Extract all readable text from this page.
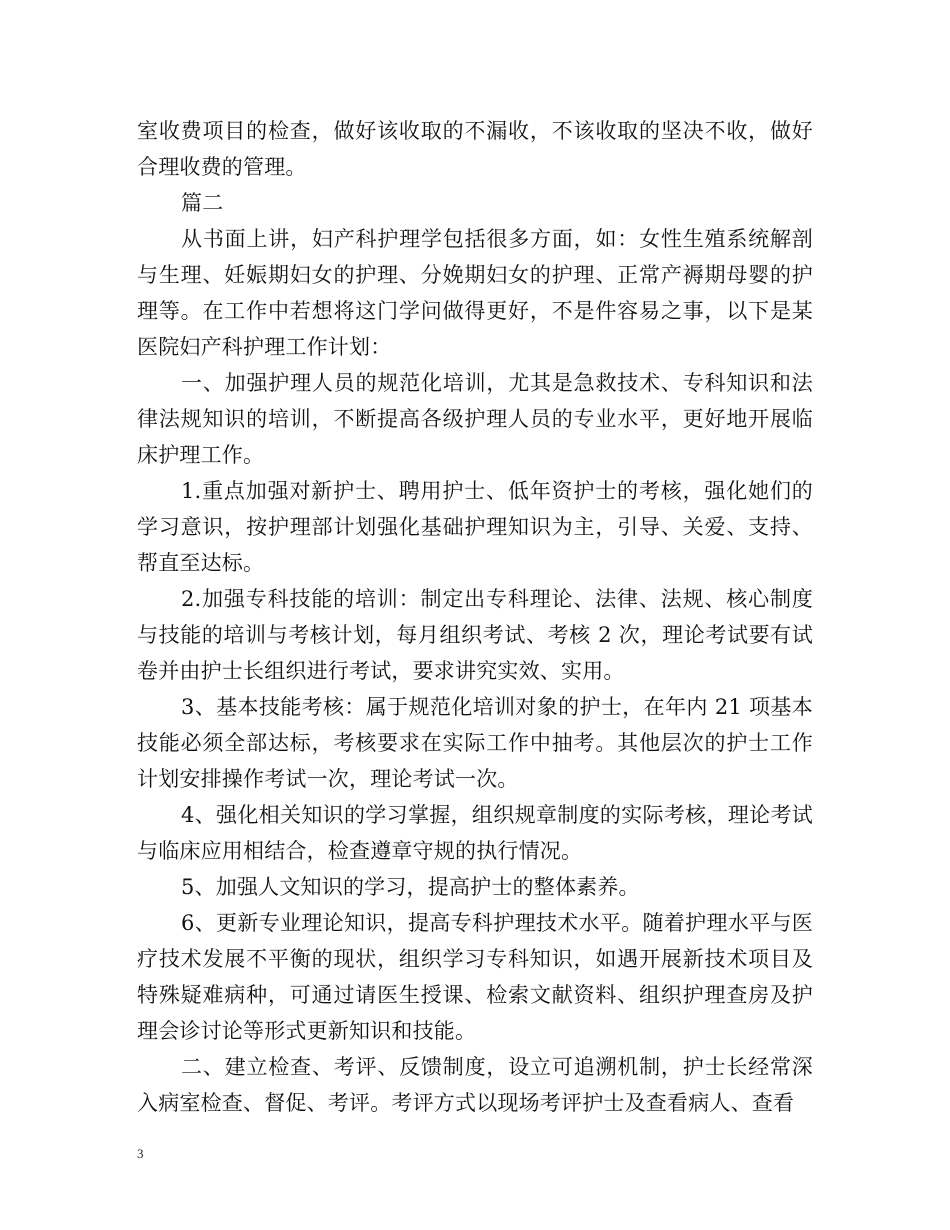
室收费项目的检查，做好该收取的不漏收，不该收取的坚决不收，做好合理收费的管理。

篇二

从书面上讲，妇产科护理学包括很多方面，如：女性生殖系统解剖与生理、妊娠期妇女的护理、分娩期妇女的护理、正常产褥期母婴的护理等。在工作中若想将这门学问做得更好，不是件容易之事，以下是某医院妇产科护理工作计划：

一、加强护理人员的规范化培训，尤其是急救技术、专科知识和法律法规知识的培训，不断提高各级护理人员的专业水平，更好地开展临床护理工作。

1.重点加强对新护士、聘用护士、低年资护士的考核，强化她们的学习意识，按护理部计划强化基础护理知识为主，引导、关爱、支持、帮直至达标。

2.加强专科技能的培训：制定出专科理论、法律、法规、核心制度与技能的培训与考核计划，每月组织考试、考核 2 次，理论考试要有试卷并由护士长组织进行考试，要求讲究实效、实用。

3、基本技能考核：属于规范化培训对象的护士，在年内 21 项基本技能必须全部达标，考核要求在实际工作中抽考。其他层次的护士工作计划安排操作考试一次，理论考试一次。

4、强化相关知识的学习掌握，组织规章制度的实际考核，理论考试与临床应用相结合，检查遵章守规的执行情况。

5、加强人文知识的学习，提高护士的整体素养。

6、更新专业理论知识，提高专科护理技术水平。随着护理水平与医疗技术发展不平衡的现状，组织学习专科知识，如遇开展新技术项目及特殊疑难病种，可通过请医生授课、检索文献资料、组织护理查房及护理会诊讨论等形式更新知识和技能。

二、建立检查、考评、反馈制度，设立可追溯机制，护士长经常深入病室检查、督促、考评。考评方式以现场考评护士及查看病人、查看

3
